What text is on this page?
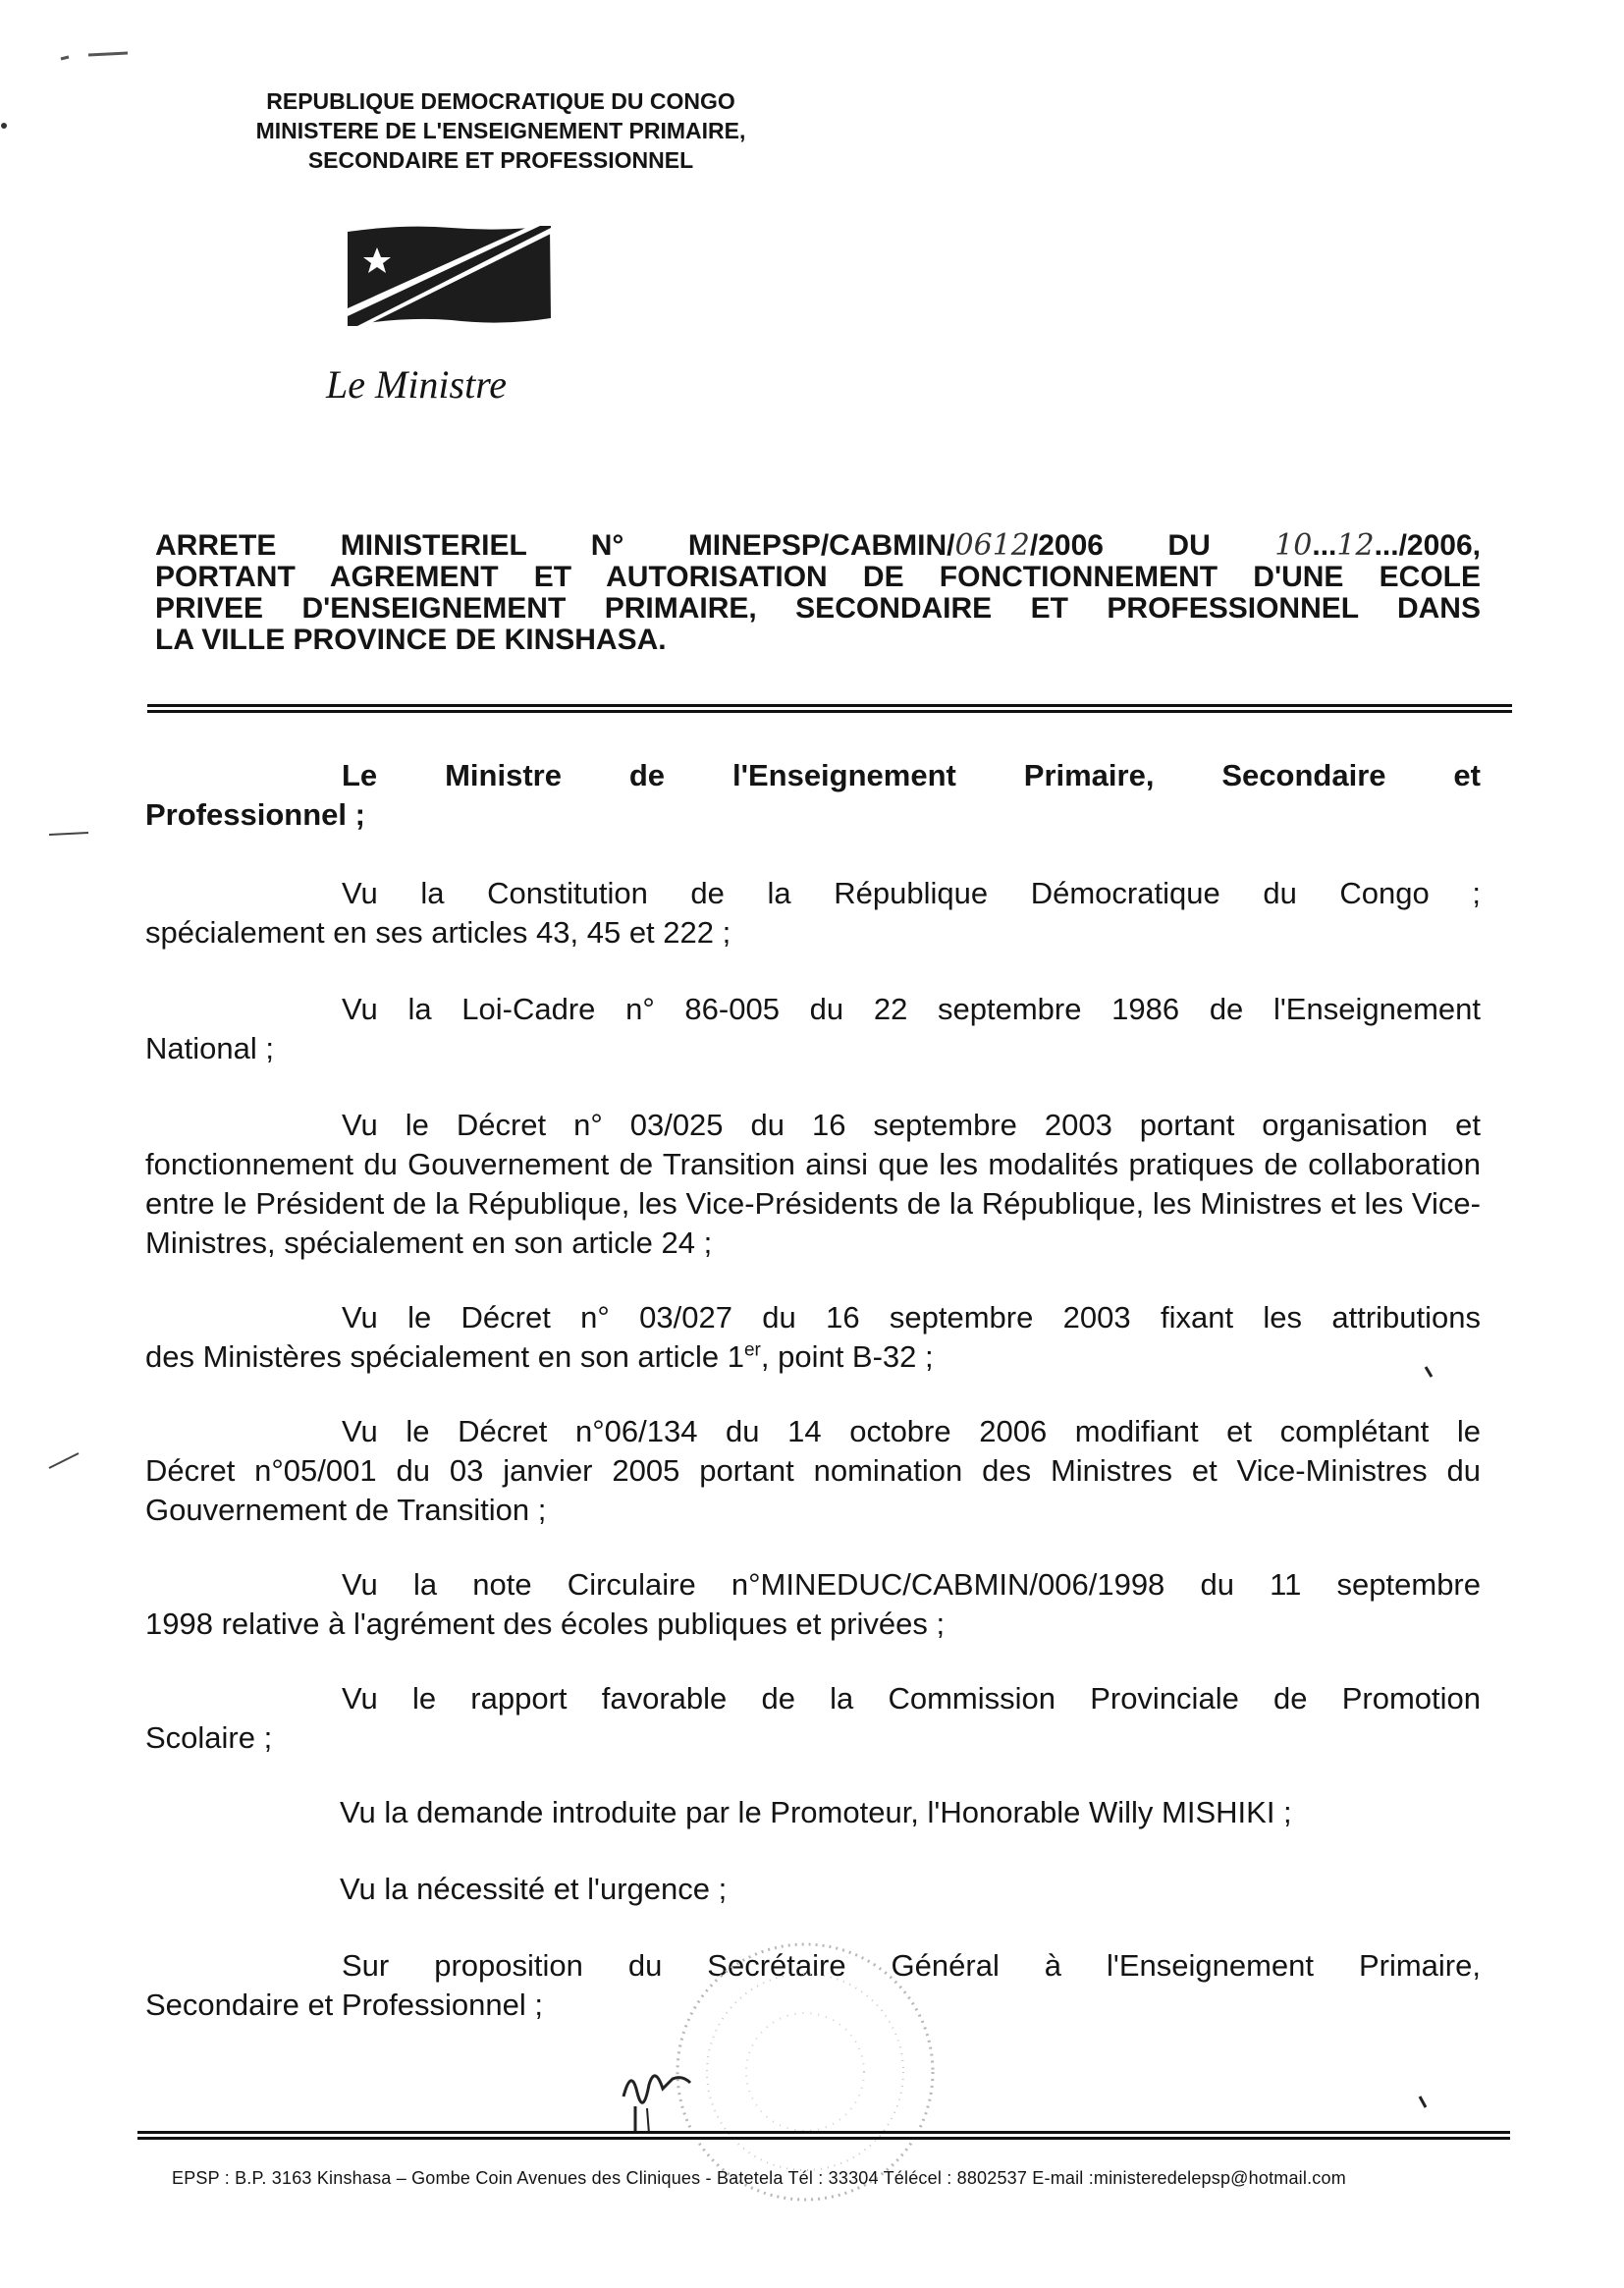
REPUBLIQUE DEMOCRATIQUE DU CONGO
MINISTERE DE L'ENSEIGNEMENT PRIMAIRE,
SECONDAIRE ET PROFESSIONNEL
Le Ministre
ARRETE MINISTERIEL N° MINEPSP/CABMIN/0612/2006 DU 10...12.../2006,
PORTANT AGREMENT ET AUTORISATION DE FONCTIONNEMENT D'UNE ECOLE
PRIVEE D'ENSEIGNEMENT PRIMAIRE, SECONDAIRE ET PROFESSIONNEL DANS
LA VILLE PROVINCE DE KINSHASA.

Le Ministre de l'Enseignement Primaire, Secondaire et
Professionnel ;

Vu la Constitution de la République Démocratique du Congo ;
spécialement en ses articles 43, 45 et 222 ;

Vu la Loi-Cadre n° 86-005 du 22 septembre 1986 de l'Enseignement
National ;

Vu le Décret n° 03/025 du 16 septembre 2003 portant organisation et
fonctionnement du Gouvernement de Transition ainsi que les modalités pratiques de collaboration entre le Président de la République, les Vice-Présidents de la République, les Ministres et les Vice-Ministres, spécialement en son article 24 ;

Vu le Décret n° 03/027 du 16 septembre 2003 fixant les attributions
des Ministères spécialement en son article 1er, point B-32 ;

Vu le Décret n°06/134 du 14 octobre 2006 modifiant et complétant le
Décret n°05/001 du 03 janvier 2005 portant nomination des Ministres et Vice-Ministres du Gouvernement de Transition ;

Vu la note Circulaire n°MINEDUC/CABMIN/006/1998 du 11 septembre
1998 relative à l'agrément des écoles publiques et privées ;

Vu le rapport favorable de la Commission Provinciale de Promotion
Scolaire ;

Vu la demande introduite par le Promoteur, l'Honorable Willy MISHIKI ;

Vu la nécessité et l'urgence ;

Sur proposition du Secrétaire Général à l'Enseignement Primaire,
Secondaire et Professionnel ;

EPSP : B.P. 3163 Kinshasa – Gombe Coin Avenues des Cliniques - Batetela Tél : 33304 Télécel : 8802537 E-mail :ministeredelepsp@hotmail.com
